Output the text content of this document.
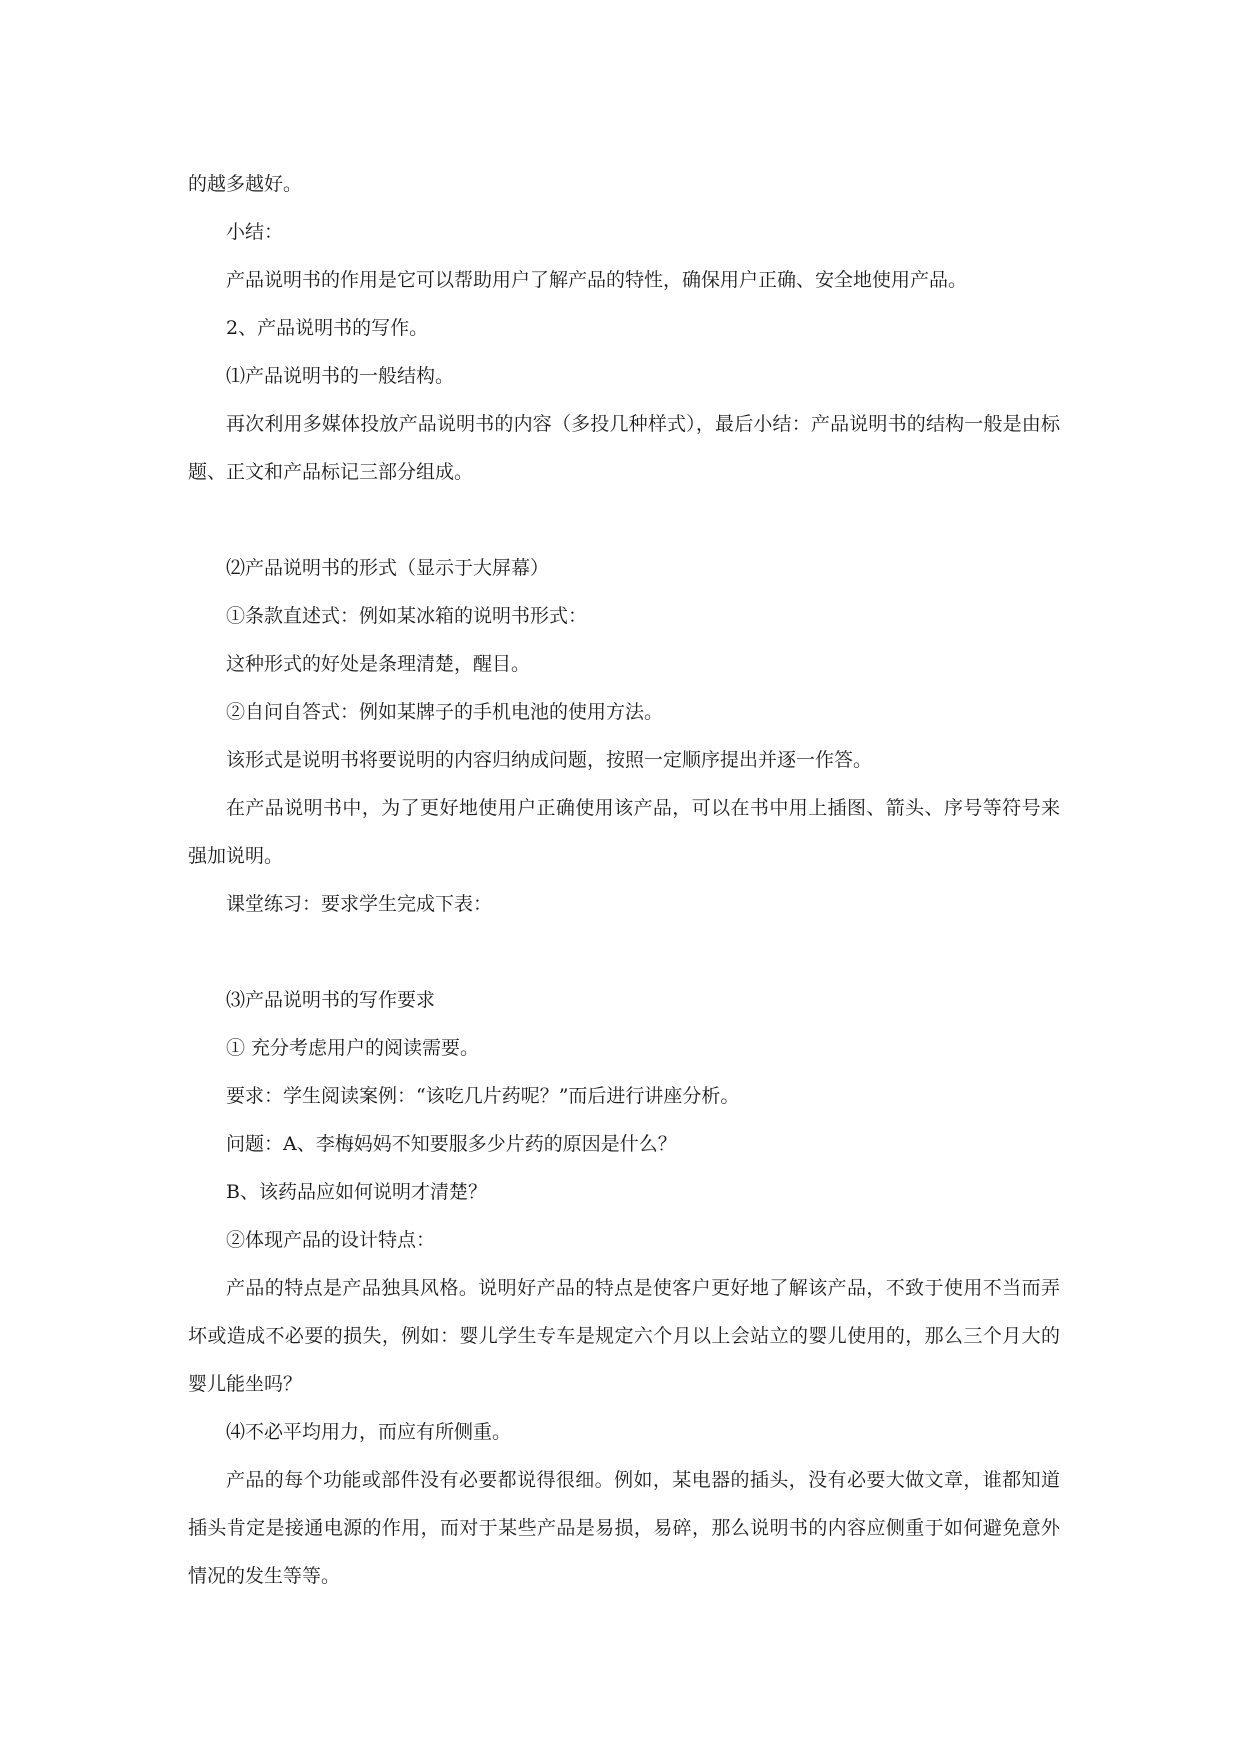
的越多越好。

小结：

产品说明书的作用是它可以帮助用户了解产品的特性，确保用户正确、安全地使用产品。

2、产品说明书的写作。

⑴产品说明书的一般结构。

再次利用多媒体投放产品说明书的内容（多投几种样式），最后小结：产品说明书的结构一般是由标题、正文和产品标记三部分组成。

⑵产品说明书的形式（显示于大屏幕）

①条款直述式：例如某冰箱的说明书形式：

这种形式的好处是条理清楚，醒目。

②自问自答式：例如某牌子的手机电池的使用方法。

该形式是说明书将要说明的内容归纳成问题，按照一定顺序提出并逐一作答。

在产品说明书中，为了更好地使用户正确使用该产品，可以在书中用上插图、箭头、序号等符号来强加说明。

课堂练习：要求学生完成下表：

⑶产品说明书的写作要求

① 充分考虑用户的阅读需要。

要求：学生阅读案例：“该吃几片药呢？”而后进行讲座分析。

问题：A、李梅妈妈不知要服多少片药的原因是什么？

B、该药品应如何说明才清楚？

②体现产品的设计特点：

产品的特点是产品独具风格。说明好产品的特点是使客户更好地了解该产品，不致于使用不当而弄坏或造成不必要的损失，例如：婴儿学生专车是规定六个月以上会站立的婴儿使用的，那么三个月大的婴儿能坐吗？

⑷不必平均用力，而应有所侧重。

产品的每个功能或部件没有必要都说得很细。例如，某电器的插头，没有必要大做文章，谁都知道插头肯定是接通电源的作用，而对于某些产品是易损，易碎，那么说明书的内容应侧重于如何避免意外情况的发生等等。
